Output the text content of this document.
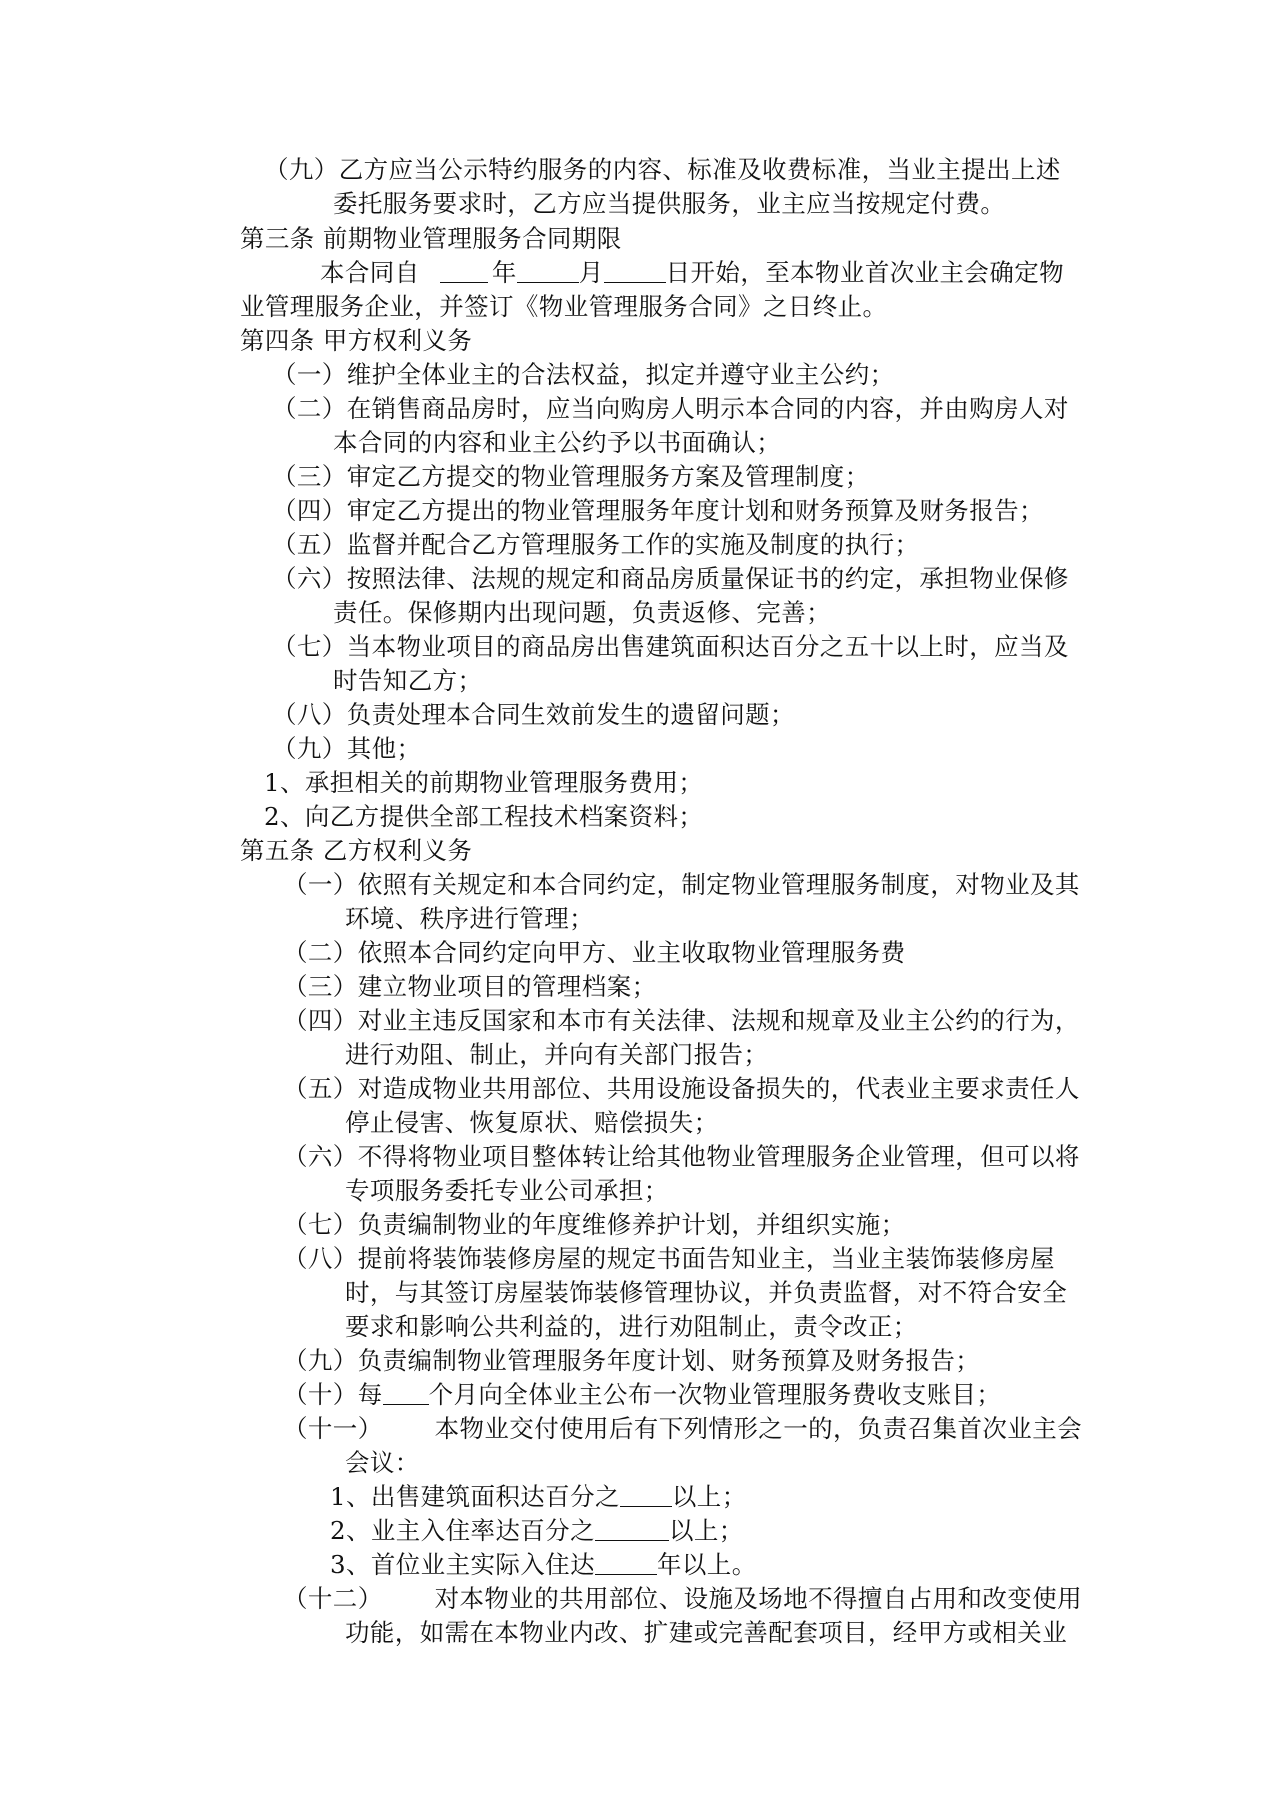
（九）乙方应当公示特约服务的内容、标准及收费标准，当业主提出上述
委托服务要求时，乙方应当提供服务，业主应当按规定付费。
第三条 前期物业管理服务合同期限
本合同自	年	月	日开始，至本物业首次业主会确定物
业管理服务企业，并签订《物业管理服务合同》之日终止。
第四条 甲方权利义务
（一）维护全体业主的合法权益，拟定并遵守业主公约；
（二）在销售商品房时，应当向购房人明示本合同的内容，并由购房人对
本合同的内容和业主公约予以书面确认；
（三）审定乙方提交的物业管理服务方案及管理制度；
（四）审定乙方提出的物业管理服务年度计划和财务预算及财务报告；
（五）监督并配合乙方管理服务工作的实施及制度的执行；
（六）按照法律、法规的规定和商品房质量保证书的约定，承担物业保修
责任。保修期内出现问题，负责返修、完善；
（七）当本物业项目的商品房出售建筑面积达百分之五十以上时，应当及
时告知乙方；
（八）负责处理本合同生效前发生的遗留问题；
（九）其他；
1、承担相关的前期物业管理服务费用；
2、向乙方提供全部工程技术档案资料；
第五条 乙方权利义务
（一）依照有关规定和本合同约定，制定物业管理服务制度，对物业及其
环境、秩序进行管理；
（二）依照本合同约定向甲方、业主收取物业管理服务费
（三）建立物业项目的管理档案；
（四）对业主违反国家和本市有关法律、法规和规章及业主公约的行为，
进行劝阻、制止，并向有关部门报告；
（五）对造成物业共用部位、共用设施设备损失的，代表业主要求责任人
停止侵害、恢复原状、赔偿损失；
（六）不得将物业项目整体转让给其他物业管理服务企业管理，但可以将
专项服务委托专业公司承担；
（七）负责编制物业的年度维修养护计划，并组织实施；
（八）提前将装饰装修房屋的规定书面告知业主，当业主装饰装修房屋
时，与其签订房屋装饰装修管理协议，并负责监督，对不符合安全
要求和影响公共利益的，进行劝阻制止，责令改正；
（九）负责编制物业管理服务年度计划、财务预算及财务报告；
（十）每 个月向全体业主公布一次物业管理服务费收支账目；
（十一） 本物业交付使用后有下列情形之一的，负责召集首次业主会
会议：
1、出售建筑面积达百分之 以上；
2、业主入住率达百分之	以上；
3、首位业主实际入住达	年以上。
（十二） 对本物业的共用部位、设施及场地不得擅自占用和改变使用
功能，如需在本物业内改、扩建或完善配套项目，经甲方或相关业
